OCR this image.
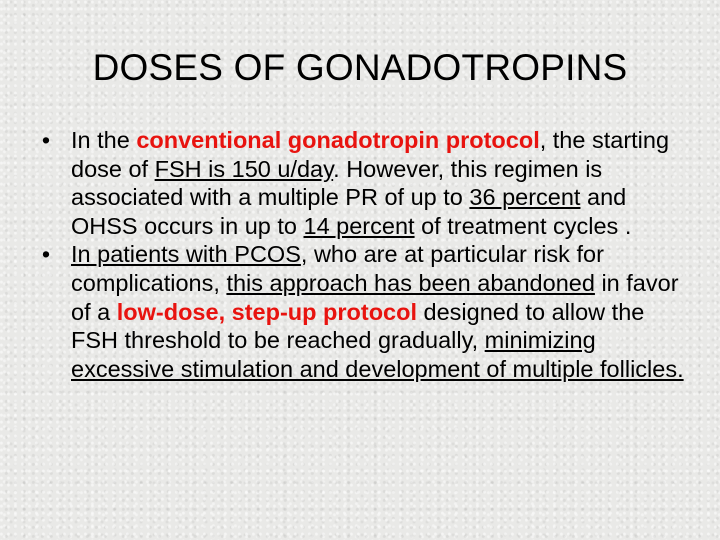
DOSES OF GONADOTROPINS
• In the conventional gonadotropin protocol, the starting dose of FSH is 150 u/day. However, this regimen is associated with a multiple PR of up to 36 percent and OHSS occurs in up to 14 percent of treatment cycles .
• In patients with PCOS, who are at particular risk for complications, this approach has been abandoned in favor of a low-dose, step-up protocol designed to allow the FSH threshold to be reached gradually, minimizing excessive stimulation and development of multiple follicles.
